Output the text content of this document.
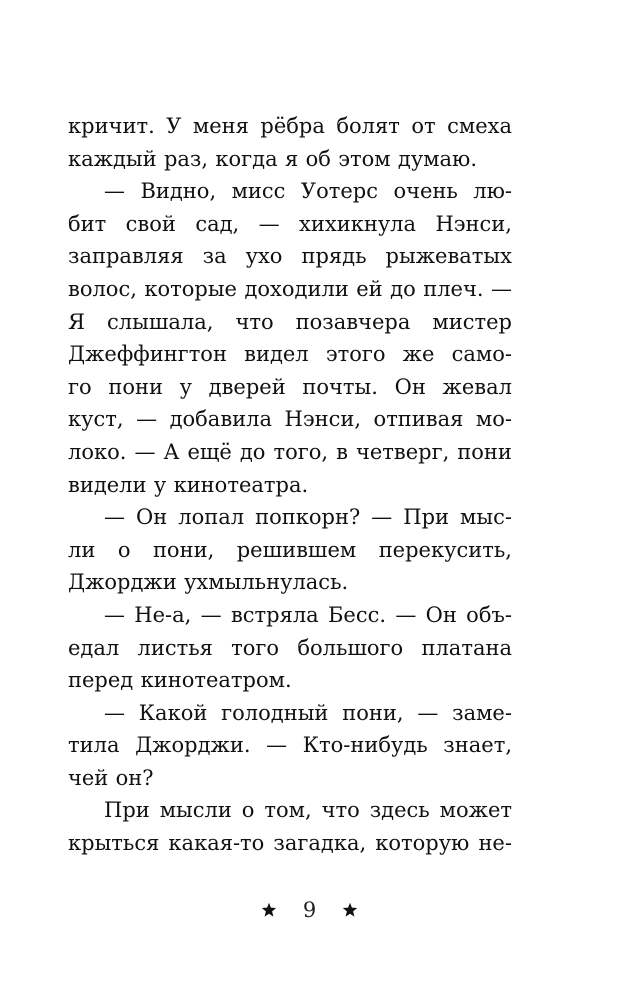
кричит. У меня рёбра болят от смеха
каждый раз, когда я об этом думаю.
— Видно, мисс Уотерс очень лю-
бит свой сад, — хихикнула Нэнси,
заправляя за ухо прядь рыжеватых
волос, которые доходили ей до плеч. —
Я слышала, что позавчера мистер
Джеффингтон видел этого же само-
го пони у дверей почты. Он жевал
куст, — добавила Нэнси, отпивая мо-
локо. — А ещё до того, в четверг, пони
видели у кинотеатра.
— Он лопал попкорн? — При мыс-
ли о пони, решившем перекусить,
Джорджи ухмыльнулась.
— Не-а, — встряла Бесс. — Он объ-
едал листья того большого платана
перед кинотеатром.
— Какой голодный пони, — заме-
тила Джорджи. — Кто-нибудь знает,
чей он?
При мысли о том, что здесь может
крыться какая-то загадка, которую не-
9
